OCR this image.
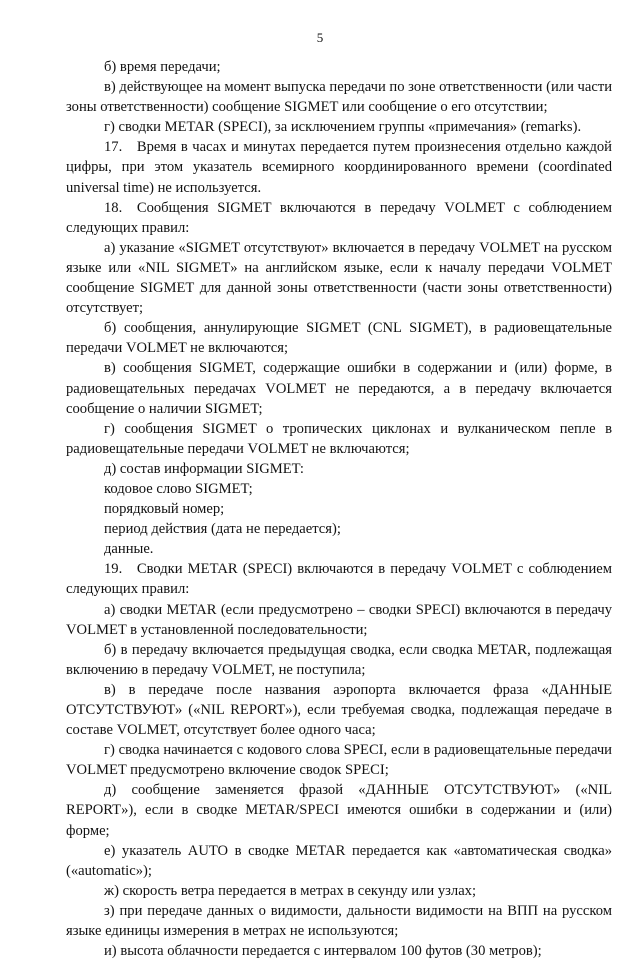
5

б) время передачи;

в) действующее на момент выпуска передачи по зоне ответственности (или части зоны ответственности) сообщение SIGMET или сообщение о его отсутствии;

г) сводки METAR (SPECI), за исключением группы «примечания» (remarks).

17. Время в часах и минутах передается путем произнесения отдельно каждой цифры, при этом указатель всемирного координированного времени (coordinated universal time) не используется.

18. Сообщения SIGMET включаются в передачу VOLMET с соблюдением следующих правил:

а) указание «SIGMET отсутствуют» включается в передачу VOLMET на русском языке или «NIL SIGMET» на английском языке, если к началу передачи VOLMET сообщение SIGMET для данной зоны ответственности (части зоны ответственности) отсутствует;

б) сообщения, аннулирующие SIGMET (CNL SIGMET), в радиовещательные передачи VOLMET не включаются;

в) сообщения SIGMET, содержащие ошибки в содержании и (или) форме, в радиовещательных передачах VOLMET не передаются, а в передачу включается сообщение о наличии SIGMET;

г) сообщения SIGMET о тропических циклонах и вулканическом пепле в радиовещательные передачи VOLMET не включаются;

д) состав информации SIGMET:

кодовое слово SIGMET;

порядковый номер;

период действия (дата не передается);

данные.

19. Сводки METAR (SPECI) включаются в передачу VOLMET с соблюдением следующих правил:

а) сводки METAR (если предусмотрено – сводки SPECI) включаются в передачу VOLMET в установленной последовательности;

б) в передачу включается предыдущая сводка, если сводка METAR, подлежащая включению в передачу VOLMET, не поступила;

в) в передаче после названия аэропорта включается фраза «ДАННЫЕ ОТСУТСТВУЮТ» («NIL REPORT»), если требуемая сводка, подлежащая передаче в составе VOLMET, отсутствует более одного часа;

г) сводка начинается с кодового слова SPECI, если в радиовещательные передачи VOLMET предусмотрено включение сводок SPECI;

д) сообщение заменяется фразой «ДАННЫЕ ОТСУТСТВУЮТ» («NIL REPORT»), если в сводке METAR/SPECI имеются ошибки в содержании и (или) форме;

е) указатель AUTO в сводке METAR передается как «автоматическая сводка» («automatic»);

ж) скорость ветра передается в метрах в секунду или узлах;

з) при передаче данных о видимости, дальности видимости на ВПП на русском языке единицы измерения в метрах не используются;

и) высота облачности передается с интервалом 100 футов (30 метров);
